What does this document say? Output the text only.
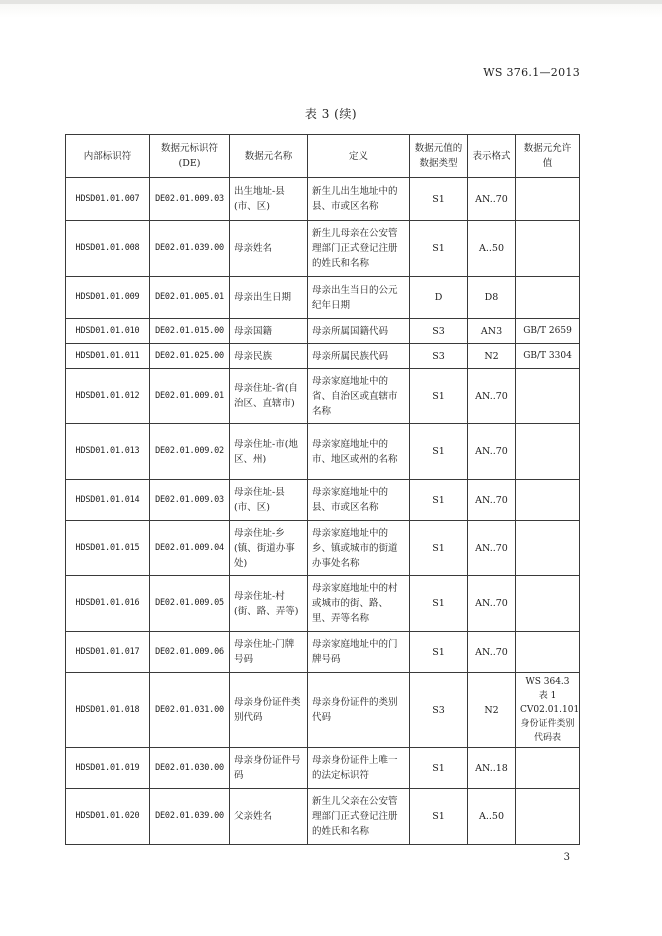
WS 376.1—2013
表 3 (续)
内部标识符	数据元标识符(DE)	数据元名称	定义	数据元值的数据类型	表示格式	数据元允许值
HDSD01.01.007	DE02.01.009.03	出生地址-县(市、区)	新生儿出生地址中的县、市或区名称	S1	AN..70	
HDSD01.01.008	DE02.01.039.00	母亲姓名	新生儿母亲在公安管理部门正式登记注册的姓氏和名称	S1	A..50	
HDSD01.01.009	DE02.01.005.01	母亲出生日期	母亲出生当日的公元纪年日期	D	D8	
HDSD01.01.010	DE02.01.015.00	母亲国籍	母亲所属国籍代码	S3	AN3	GB/T 2659
HDSD01.01.011	DE02.01.025.00	母亲民族	母亲所属民族代码	S3	N2	GB/T 3304
HDSD01.01.012	DE02.01.009.01	母亲住址-省(自治区、直辖市)	母亲家庭地址中的省、自治区或直辖市名称	S1	AN..70	
HDSD01.01.013	DE02.01.009.02	母亲住址-市(地区、州)	母亲家庭地址中的市、地区或州的名称	S1	AN..70	
HDSD01.01.014	DE02.01.009.03	母亲住址-县(市、区)	母亲家庭地址中的县、市或区名称	S1	AN..70	
HDSD01.01.015	DE02.01.009.04	母亲住址-乡(镇、街道办事处)	母亲家庭地址中的乡、镇或城市的街道办事处名称	S1	AN..70	
HDSD01.01.016	DE02.01.009.05	母亲住址-村(街、路、弄等)	母亲家庭地址中的村或城市的街、路、里、弄等名称	S1	AN..70	
HDSD01.01.017	DE02.01.009.06	母亲住址-门牌号码	母亲家庭地址中的门牌号码	S1	AN..70	
HDSD01.01.018	DE02.01.031.00	母亲身份证件类别代码	母亲身份证件的类别代码	S3	N2	WS 364.3 表 1 CV02.01.101 身份证件类别代码表
HDSD01.01.019	DE02.01.030.00	母亲身份证件号码	母亲身份证件上唯一的法定标识符	S1	AN..18	
HDSD01.01.020	DE02.01.039.00	父亲姓名	新生儿父亲在公安管理部门正式登记注册的姓氏和名称	S1	A..50	
3
